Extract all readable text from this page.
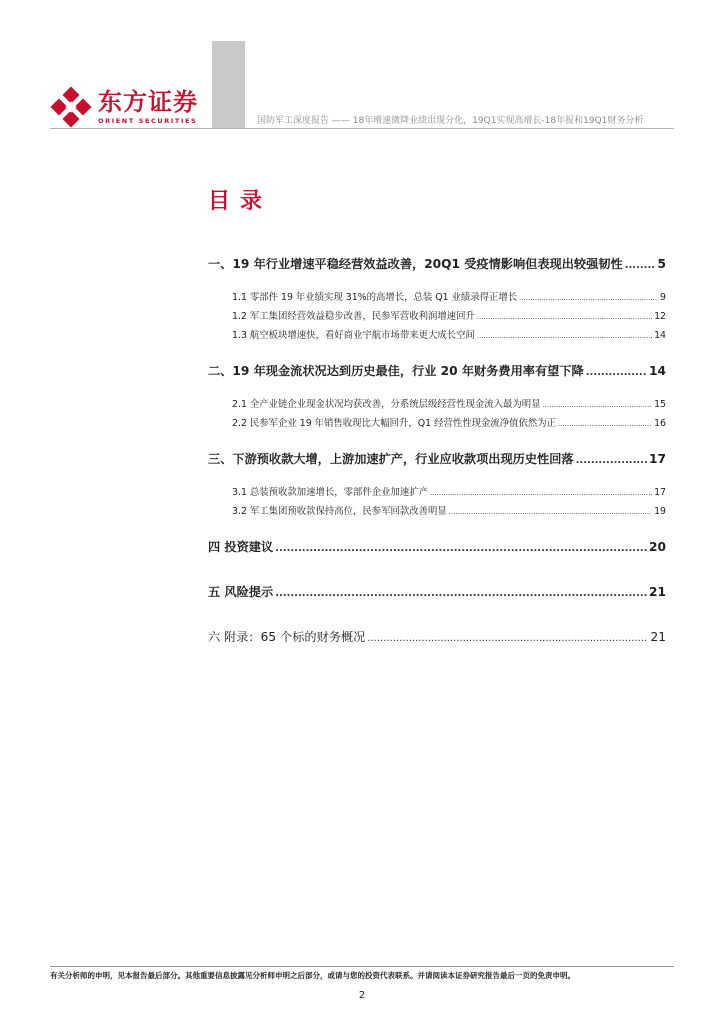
东方证券
ORIENT SECURITIES	国防军工深度报告 —— 18年增速微降业绩出现分化，19Q1实现高增长-18年报和19Q1财务分析
目录
一、19 年行业增速平稳经营效益改善，20Q1 受疫情影响但表现出较强韧性 .....	5
1.1 零部件 19 年业绩实现 31%的高增长，总装 Q1 业绩录得正增长 .....	9
1.2 军工集团经营效益稳步改善，民参军营收利润增速回升 .....	12
1.3 航空板块增速快，看好商业宇航市场带来更大成长空间 .....	14
二、19 年现金流状况达到历史最佳，行业 20 年财务费用率有望下降 .....	14
2.1 全产业链企业现金状况均获改善，分系统层级经营性现金流入最为明显 .....	15
2.2 民参军企业 19 年销售收现比大幅回升，Q1 经营性性现金流净值依然为正 .....	16
三、下游预收款大增，上游加速扩产，行业应收款项出现历史性回落 .....	17
3.1 总装预收款加速增长，零部件企业加速扩产 .....	17
3.2 军工集团预收款保持高位，民参军回款改善明显 .....	19
四 投资建议 .....	20
五 风险提示 .....	21
六 附录：65 个标的财务概况 .....	21
有关分析师的申明，见本报告最后部分。其他重要信息披露见分析师申明之后部分，或请与您的投资代表联系。并请阅读本证券研究报告最后一页的免责申明。
2
